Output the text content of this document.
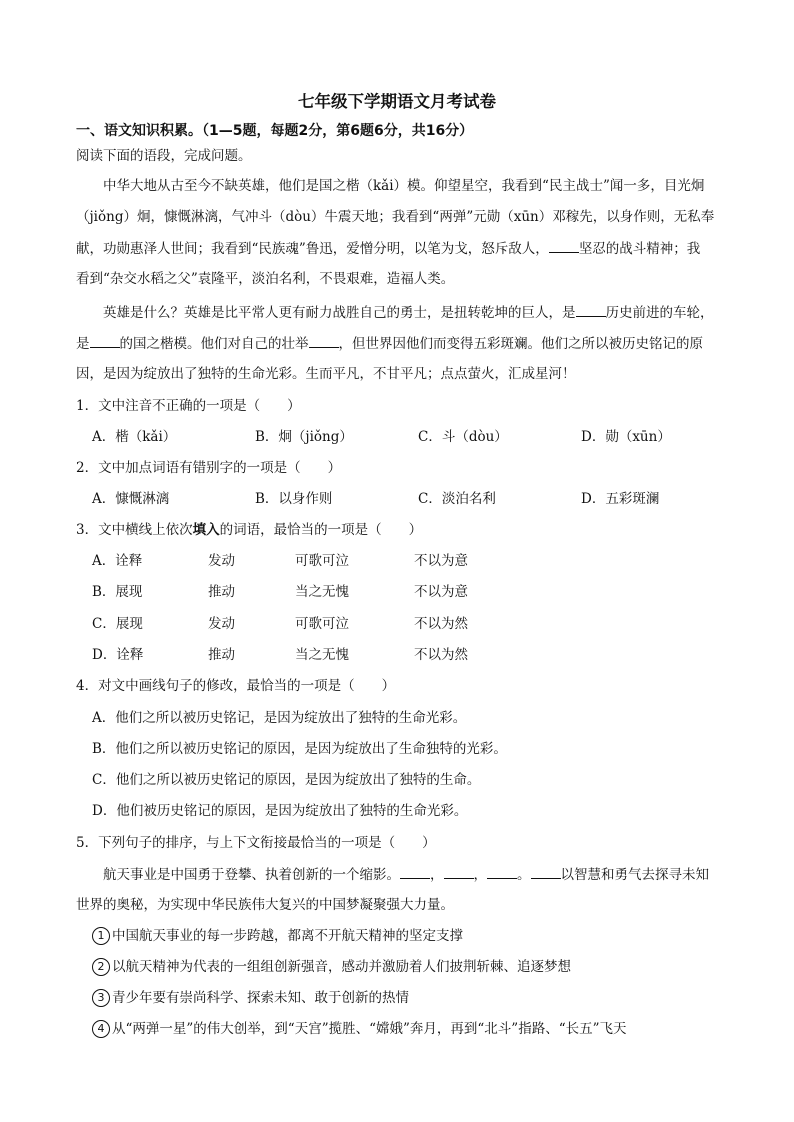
七年级下学期语文月考试卷
一、语文知识积累。（1—5题，每题2分，第6题6分，共16分）
阅读下面的语段，完成问题。
中华大地从古至今不缺英雄，他们是国之楷（kǎi）模。仰望星空，我看到“民主战士”闻一多，目光炯
（jiǒng）炯，慷慨淋漓，气冲斗（dòu）牛震天地；我看到“两弹”元勋（xūn）邓稼先，以身作则，无私奉
献，功勋惠泽人世间；我看到“民族魂”鲁迅，爱憎分明，以笔为戈，怒斥敌人， 坚忍的战斗精神；我
看到“杂交水稻之父”袁隆平，淡泊名利，不畏艰难，造福人类。
英雄是什么？英雄是比平常人更有耐力战胜自己的勇士，是扭转乾坤的巨人，是 历史前进的车轮，
是 的国之楷模。他们对自己的壮举 ，但世界因他们而变得五彩斑斓。他们之所以被历史铭记的原
因，是因为绽放出了独特的生命光彩。生而平凡，不甘平凡；点点萤火，汇成星河！
1．文中注音不正确的一项是（　　）
A．楷（kǎi）	B．炯（jiǒng）	C．斗（dòu）	D．勋（xūn）
2．文中加点词语有错别字的一项是（　　）
A．慷慨淋漓	B．以身作则	C．淡泊名利	D．五彩斑澜
3．文中横线上依次填入的词语，最恰当的一项是（　　）
A．诠释	发动	可歌可泣	不以为意
B．展现	推动	当之无愧	不以为意
C．展现	发动	可歌可泣	不以为然
D．诠释	推动	当之无愧	不以为然
4．对文中画线句子的修改，最恰当的一项是（　　）
A．他们之所以被历史铭记，是因为绽放出了独特的生命光彩。
B．他们之所以被历史铭记的原因，是因为绽放出了生命独特的光彩。
C．他们之所以被历史铭记的原因，是因为绽放出了独特的生命。
D．他们被历史铭记的原因，是因为绽放出了独特的生命光彩。
5．下列句子的排序，与上下文衔接最恰当的一项是（　　）
航天事业是中国勇于登攀、执着创新的一个缩影。 ， ， 。 以智慧和勇气去探寻未知
世界的奥秘，为实现中华民族伟大复兴的中国梦凝聚强大力量。
1 中国航天事业的每一步跨越，都离不开航天精神的坚定支撑
2 以航天精神为代表的一组组创新强音，感动并激励着人们披荆斩棘、追逐梦想
3 青少年要有崇尚科学、探索未知、敢于创新的热情
4 从“两弹一星”的伟大创举，到“天宫”揽胜、“嫦娥”奔月，再到“北斗”指路、“长五”飞天
